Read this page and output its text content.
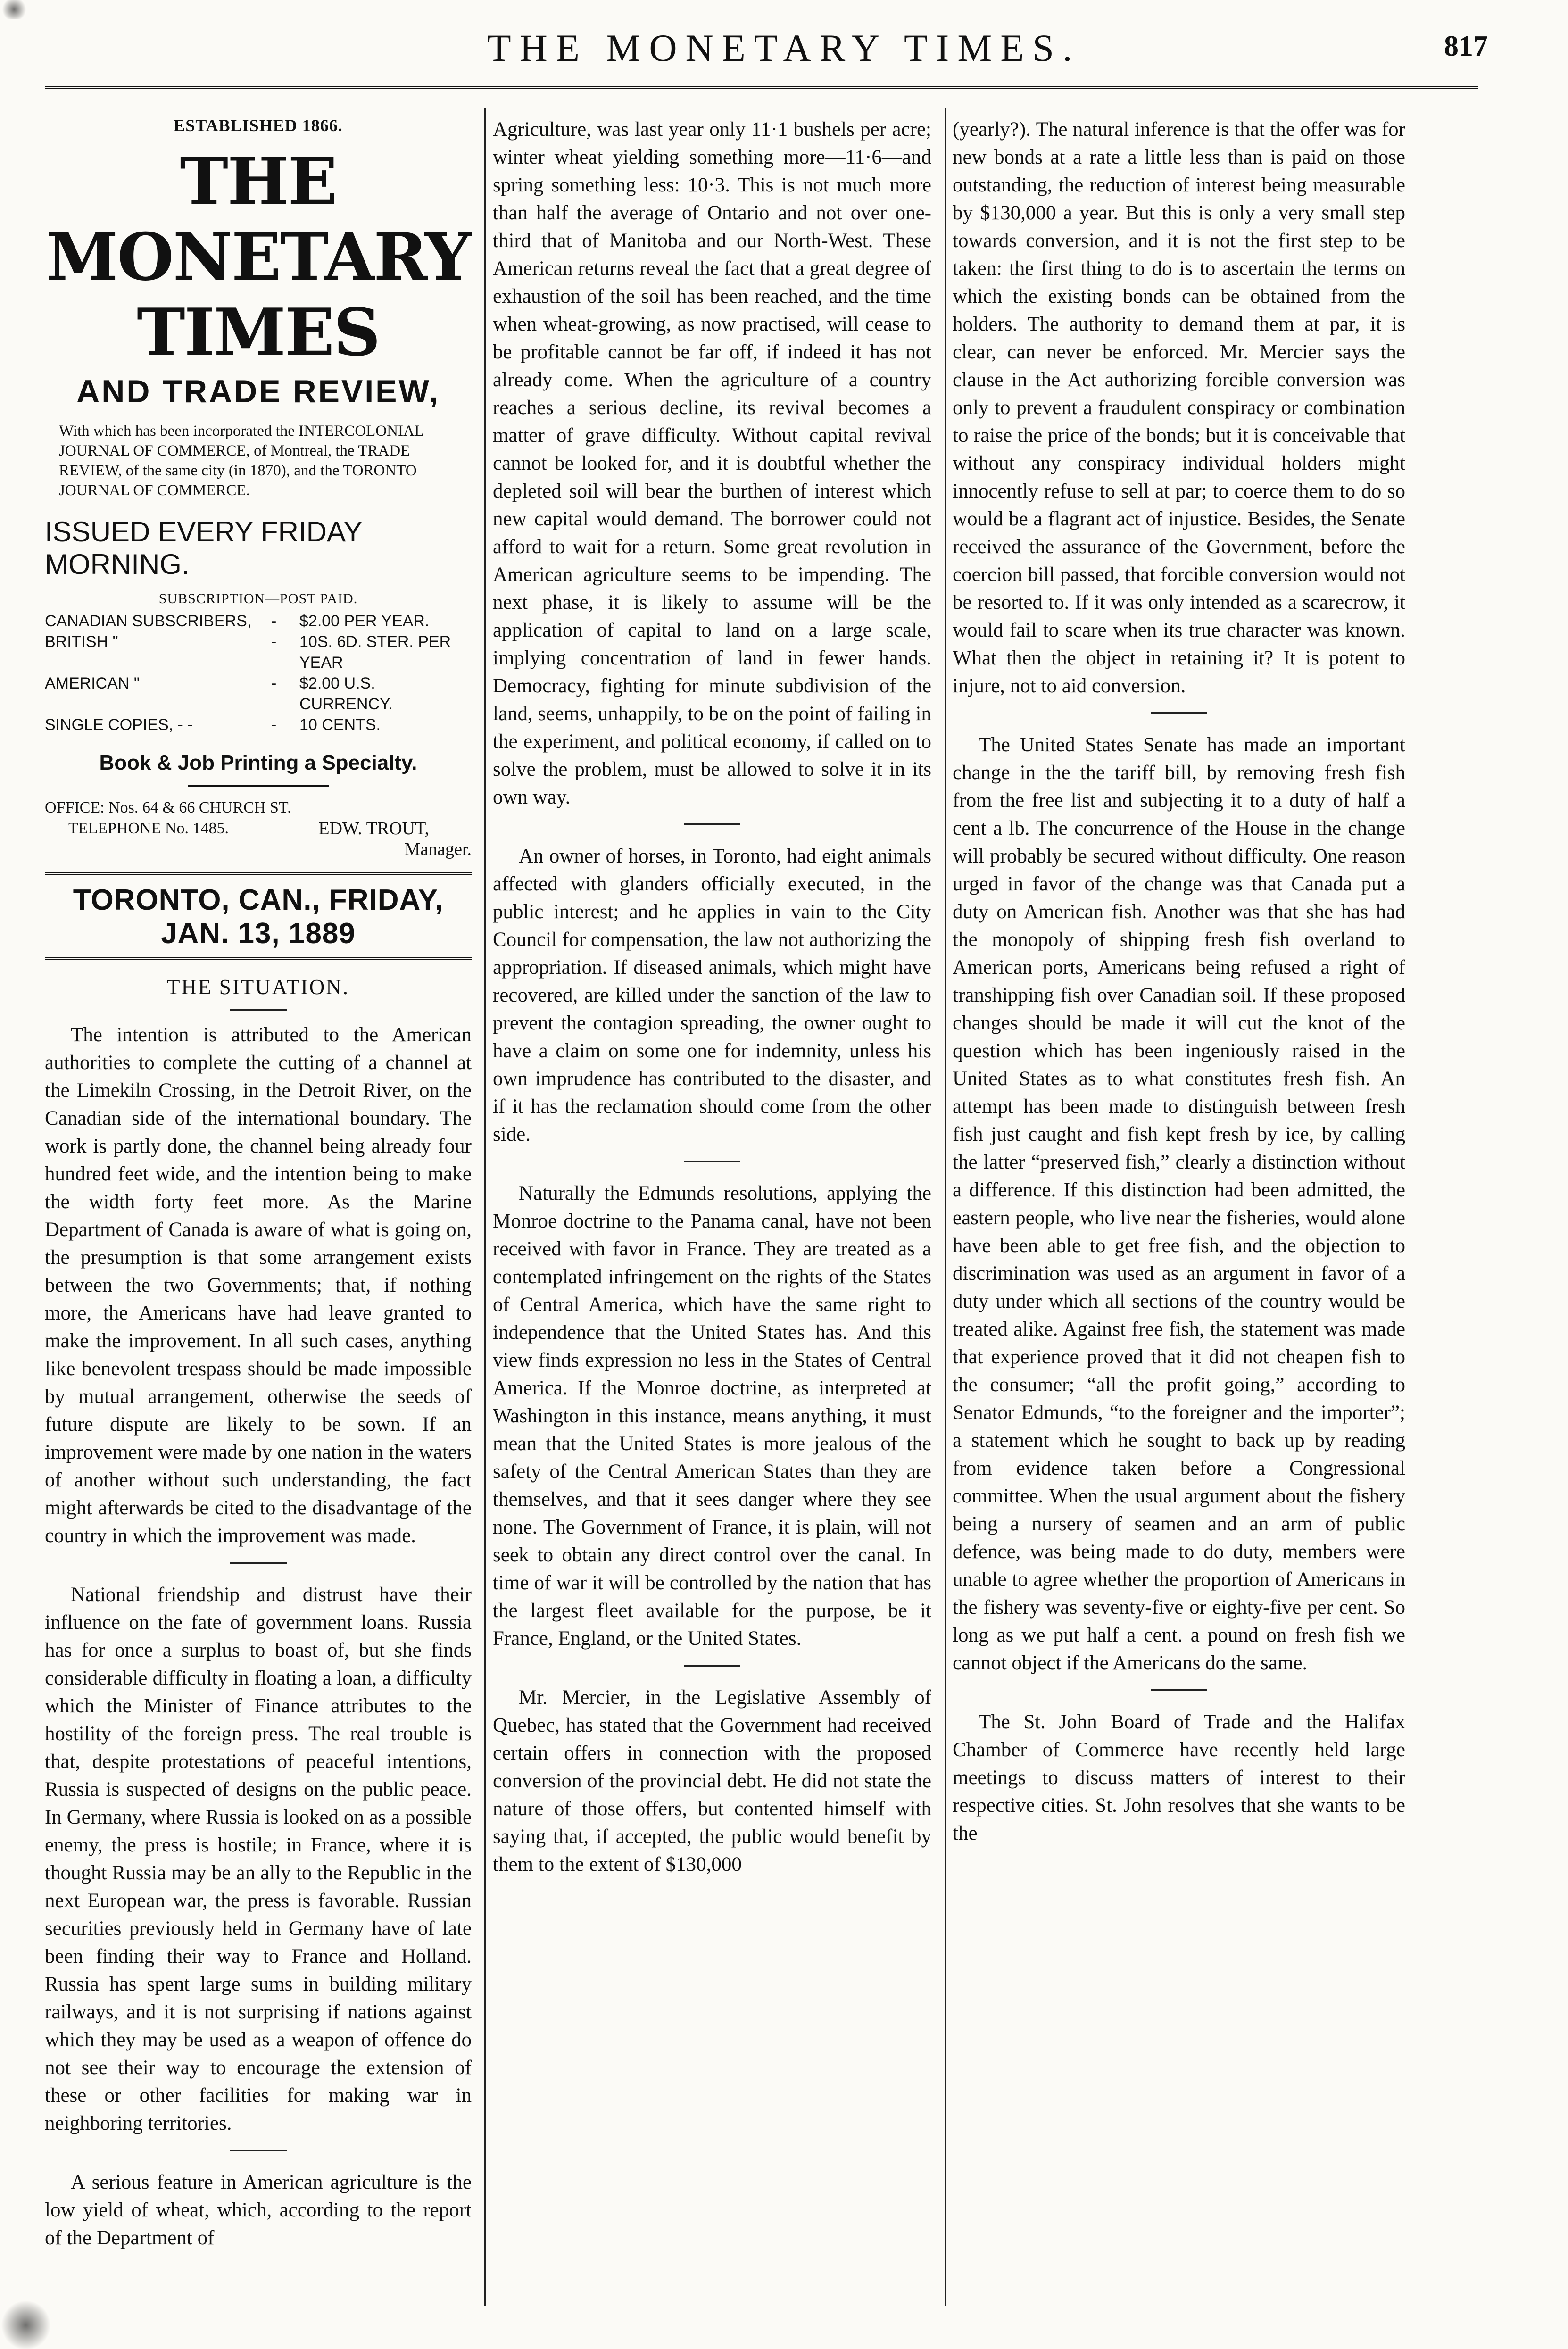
THE MONETARY TIMES.	817
ESTABLISHED 1866.
THE MONETARY TIMES
AND TRADE REVIEW,
With which has been incorporated the INTERCOLONIAL JOURNAL OF COMMERCE, of Montreal, the TRADE REVIEW, of the same city (in 1870), and the TORONTO JOURNAL OF COMMERCE.
ISSUED EVERY FRIDAY MORNING.
SUBSCRIPTION—POST PAID.
CANADIAN SUBSCRIBERS,	-	$2.00 PER YEAR.
BRITISH "	-	10S. 6D. STER. PER YEAR
AMERICAN "	-	$2.00 U.S. CURRENCY.
SINGLE COPIES, - -	-	10 CENTS.
Book & Job Printing a Specialty.
OFFICE: Nos. 64 & 66 CHURCH ST.
TELEPHONE No. 1485.	EDW. TROUT,
Manager.
TORONTO, CAN., FRIDAY, JAN. 13, 1889
THE SITUATION.

The intention is attributed to the American authorities to complete the cutting of a channel at the Limekiln Crossing, in the Detroit River, on the Canadian side of the international boundary. The work is partly done, the channel being already four hundred feet wide, and the intention being to make the width forty feet more. As the Marine Department of Canada is aware of what is going on, the presumption is that some arrangement exists between the two Governments; that, if nothing more, the Americans have had leave granted to make the improvement. In all such cases, anything like benevolent trespass should be made impossible by mutual arrangement, otherwise the seeds of future dispute are likely to be sown. If an improvement were made by one nation in the waters of another without such understanding, the fact might afterwards be cited to the disadvantage of the country in which the improvement was made.

National friendship and distrust have their influence on the fate of government loans. Russia has for once a surplus to boast of, but she finds considerable difficulty in floating a loan, a difficulty which the Minister of Finance attributes to the hostility of the foreign press. The real trouble is that, despite protestations of peaceful intentions, Russia is suspected of designs on the public peace. In Germany, where Russia is looked on as a possible enemy, the press is hostile; in France, where it is thought Russia may be an ally to the Republic in the next European war, the press is favorable. Russian securities previously held in Germany have of late been finding their way to France and Holland. Russia has spent large sums in building military railways, and it is not surprising if nations against which they may be used as a weapon of offence do not see their way to encourage the extension of these or other facilities for making war in neighboring territories.

A serious feature in American agriculture is the low yield of wheat, which, according to the report of the Department of

Agriculture, was last year only 11·1 bushels per acre; winter wheat yielding something more—11·6—and spring something less: 10·3. This is not much more than half the average of Ontario and not over one-third that of Manitoba and our North-West. These American returns reveal the fact that a great degree of exhaustion of the soil has been reached, and the time when wheat-growing, as now practised, will cease to be profitable cannot be far off, if indeed it has not already come. When the agriculture of a country reaches a serious decline, its revival becomes a matter of grave difficulty. Without capital revival cannot be looked for, and it is doubtful whether the depleted soil will bear the burthen of interest which new capital would demand. The borrower could not afford to wait for a return. Some great revolution in American agriculture seems to be impending. The next phase, it is likely to assume will be the application of capital to land on a large scale, implying concentration of land in fewer hands. Democracy, fighting for minute subdivision of the land, seems, unhappily, to be on the point of failing in the experiment, and political economy, if called on to solve the problem, must be allowed to solve it in its own way.

An owner of horses, in Toronto, had eight animals affected with glanders officially executed, in the public interest; and he applies in vain to the City Council for compensation, the law not authorizing the appropriation. If diseased animals, which might have recovered, are killed under the sanction of the law to prevent the contagion spreading, the owner ought to have a claim on some one for indemnity, unless his own imprudence has contributed to the disaster, and if it has the reclamation should come from the other side.

Naturally the Edmunds resolutions, applying the Monroe doctrine to the Panama canal, have not been received with favor in France. They are treated as a contemplated infringement on the rights of the States of Central America, which have the same right to independence that the United States has. And this view finds expression no less in the States of Central America. If the Monroe doctrine, as interpreted at Washington in this instance, means anything, it must mean that the United States is more jealous of the safety of the Central American States than they are themselves, and that it sees danger where they see none. The Government of France, it is plain, will not seek to obtain any direct control over the canal. In time of war it will be controlled by the nation that has the largest fleet available for the purpose, be it France, England, or the United States.

Mr. Mercier, in the Legislative Assembly of Quebec, has stated that the Government had received certain offers in connection with the proposed conversion of the provincial debt. He did not state the nature of those offers, but contented himself with saying that, if accepted, the public would benefit by them to the extent of $130,000

(yearly?). The natural inference is that the offer was for new bonds at a rate a little less than is paid on those outstanding, the reduction of interest being measurable by $130,000 a year. But this is only a very small step towards conversion, and it is not the first step to be taken: the first thing to do is to ascertain the terms on which the existing bonds can be obtained from the holders. The authority to demand them at par, it is clear, can never be enforced. Mr. Mercier says the clause in the Act authorizing forcible conversion was only to prevent a fraudulent conspiracy or combination to raise the price of the bonds; but it is conceivable that without any conspiracy individual holders might innocently refuse to sell at par; to coerce them to do so would be a flagrant act of injustice. Besides, the Senate received the assurance of the Government, before the coercion bill passed, that forcible conversion would not be resorted to. If it was only intended as a scarecrow, it would fail to scare when its true character was known. What then the object in retaining it? It is potent to injure, not to aid conversion.

The United States Senate has made an important change in the the tariff bill, by removing fresh fish from the free list and subjecting it to a duty of half a cent a lb. The concurrence of the House in the change will probably be secured without difficulty. One reason urged in favor of the change was that Canada put a duty on American fish. Another was that she has had the monopoly of shipping fresh fish overland to American ports, Americans being refused a right of transhipping fish over Canadian soil. If these proposed changes should be made it will cut the knot of the question which has been ingeniously raised in the United States as to what constitutes fresh fish. An attempt has been made to distinguish between fresh fish just caught and fish kept fresh by ice, by calling the latter “preserved fish,” clearly a distinction without a difference. If this distinction had been admitted, the eastern people, who live near the fisheries, would alone have been able to get free fish, and the objection to discrimination was used as an argument in favor of a duty under which all sections of the country would be treated alike. Against free fish, the statement was made that experience proved that it did not cheapen fish to the consumer; “all the profit going,” according to Senator Edmunds, “to the foreigner and the importer”; a statement which he sought to back up by reading from evidence taken before a Congressional committee. When the usual argument about the fishery being a nursery of seamen and an arm of public defence, was being made to do duty, members were unable to agree whether the proportion of Americans in the fishery was seventy-five or eighty-five per cent. So long as we put half a cent. a pound on fresh fish we cannot object if the Americans do the same.

The St. John Board of Trade and the Halifax Chamber of Commerce have recently held large meetings to discuss matters of interest to their respective cities. St. John resolves that she wants to be the
